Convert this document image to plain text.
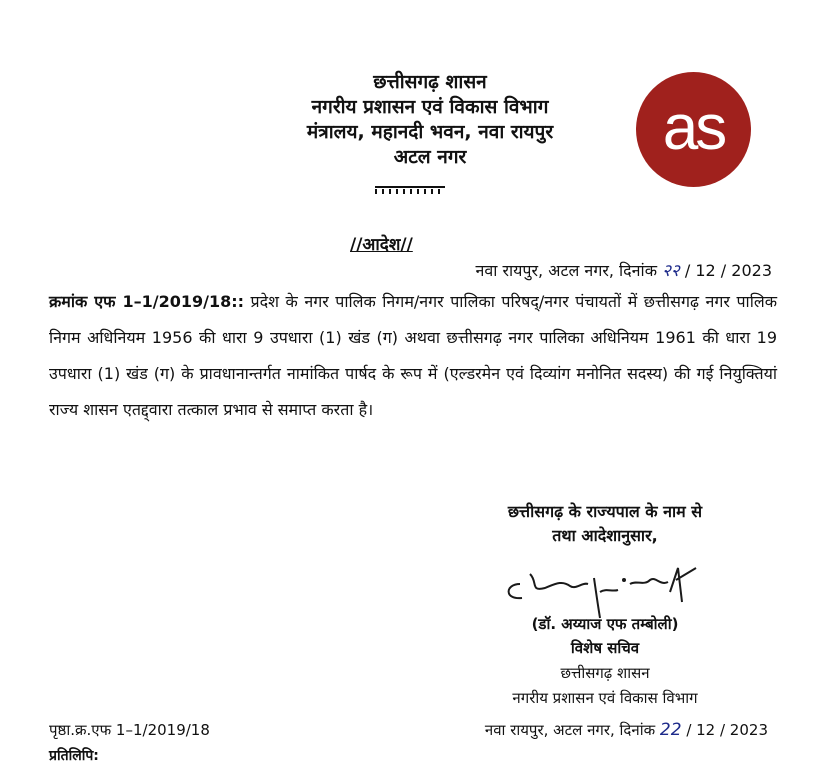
छत्तीसगढ़ शासन
नगरीय प्रशासन एवं विकास विभाग
मंत्रालय, महानदी भवन, नवा रायपुर
अटल नगर	as
//आदेश//
नवा रायपुर, अटल नगर, दिनांक २२ / 12 / 2023
क्रमांक एफ 1–1/2019/18:: प्रदेश के नगर पालिक निगम/नगर पालिका परिषद्/नगर पंचायतों में छत्तीसगढ़ नगर पालिक निगम अधिनियम 1956 की धारा 9 उपधारा (1) खंड (ग) अथवा छत्तीसगढ़ नगर पालिका अधिनियम 1961 की धारा 19 उपधारा (1) खंड (ग) के प्रावधानान्तर्गत नामांकित पार्षद के रूप में (एल्डरमेन एवं दिव्यांग मनोनित सदस्य) की गई नियुक्तियां राज्य शासन एतद्द्वारा तत्काल प्रभाव से समाप्त करता है।
छत्तीसगढ़ के राज्यपाल के नाम से
तथा आदेशानुसार,
(डॉ. अय्याज एफ तम्बोली)
विशेष सचिव
छत्तीसगढ़ शासन
नगरीय प्रशासन एवं विकास विभाग
पृष्ठा.क्र.एफ 1–1/2019/18	नवा रायपुर, अटल नगर, दिनांक 22 / 12 / 2023
प्रतिलिपि:
